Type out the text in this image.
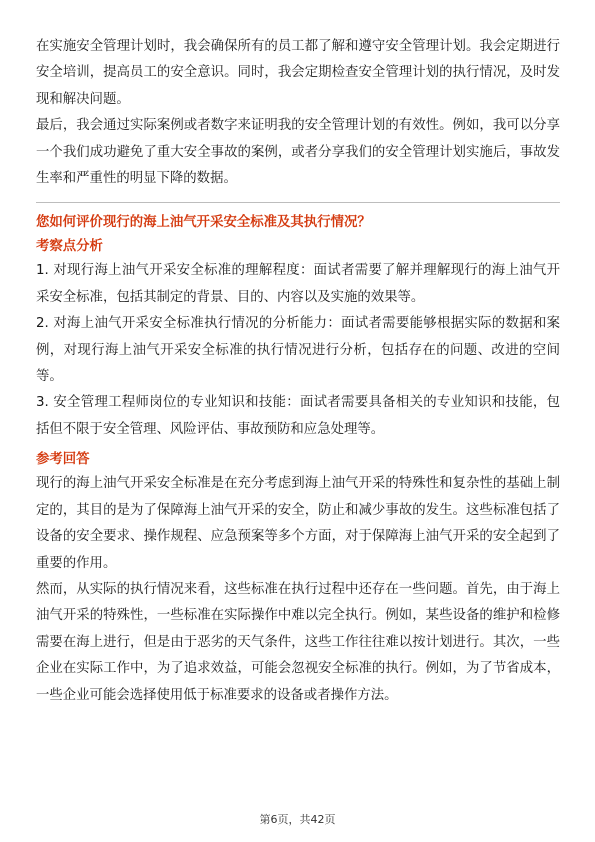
在实施安全管理计划时，我会确保所有的员工都了解和遵守安全管理计划。我会定期进行安全培训，提高员工的安全意识。同时，我会定期检查安全管理计划的执行情况，及时发现和解决问题。

最后，我会通过实际案例或者数字来证明我的安全管理计划的有效性。例如，我可以分享一个我们成功避免了重大安全事故的案例，或者分享我们的安全管理计划实施后，事故发生率和严重性的明显下降的数据。

您如何评价现行的海上油气开采安全标准及其执行情况？

考察点分析

1. 对现行海上油气开采安全标准的理解程度：面试者需要了解并理解现行的海上油气开采安全标准，包括其制定的背景、目的、内容以及实施的效果等。

2. 对海上油气开采安全标准执行情况的分析能力：面试者需要能够根据实际的数据和案例，对现行海上油气开采安全标准的执行情况进行分析，包括存在的问题、改进的空间等。

3. 安全管理工程师岗位的专业知识和技能：面试者需要具备相关的专业知识和技能，包括但不限于安全管理、风险评估、事故预防和应急处理等。

参考回答

现行的海上油气开采安全标准是在充分考虑到海上油气开采的特殊性和复杂性的基础上制定的，其目的是为了保障海上油气开采的安全，防止和减少事故的发生。这些标准包括了设备的安全要求、操作规程、应急预案等多个方面，对于保障海上油气开采的安全起到了重要的作用。

然而，从实际的执行情况来看，这些标准在执行过程中还存在一些问题。首先，由于海上油气开采的特殊性，一些标准在实际操作中难以完全执行。例如，某些设备的维护和检修需要在海上进行，但是由于恶劣的天气条件，这些工作往往难以按计划进行。其次，一些企业在实际工作中，为了追求效益，可能会忽视安全标准的执行。例如，为了节省成本，一些企业可能会选择使用低于标准要求的设备或者操作方法。

第6页，共42页
